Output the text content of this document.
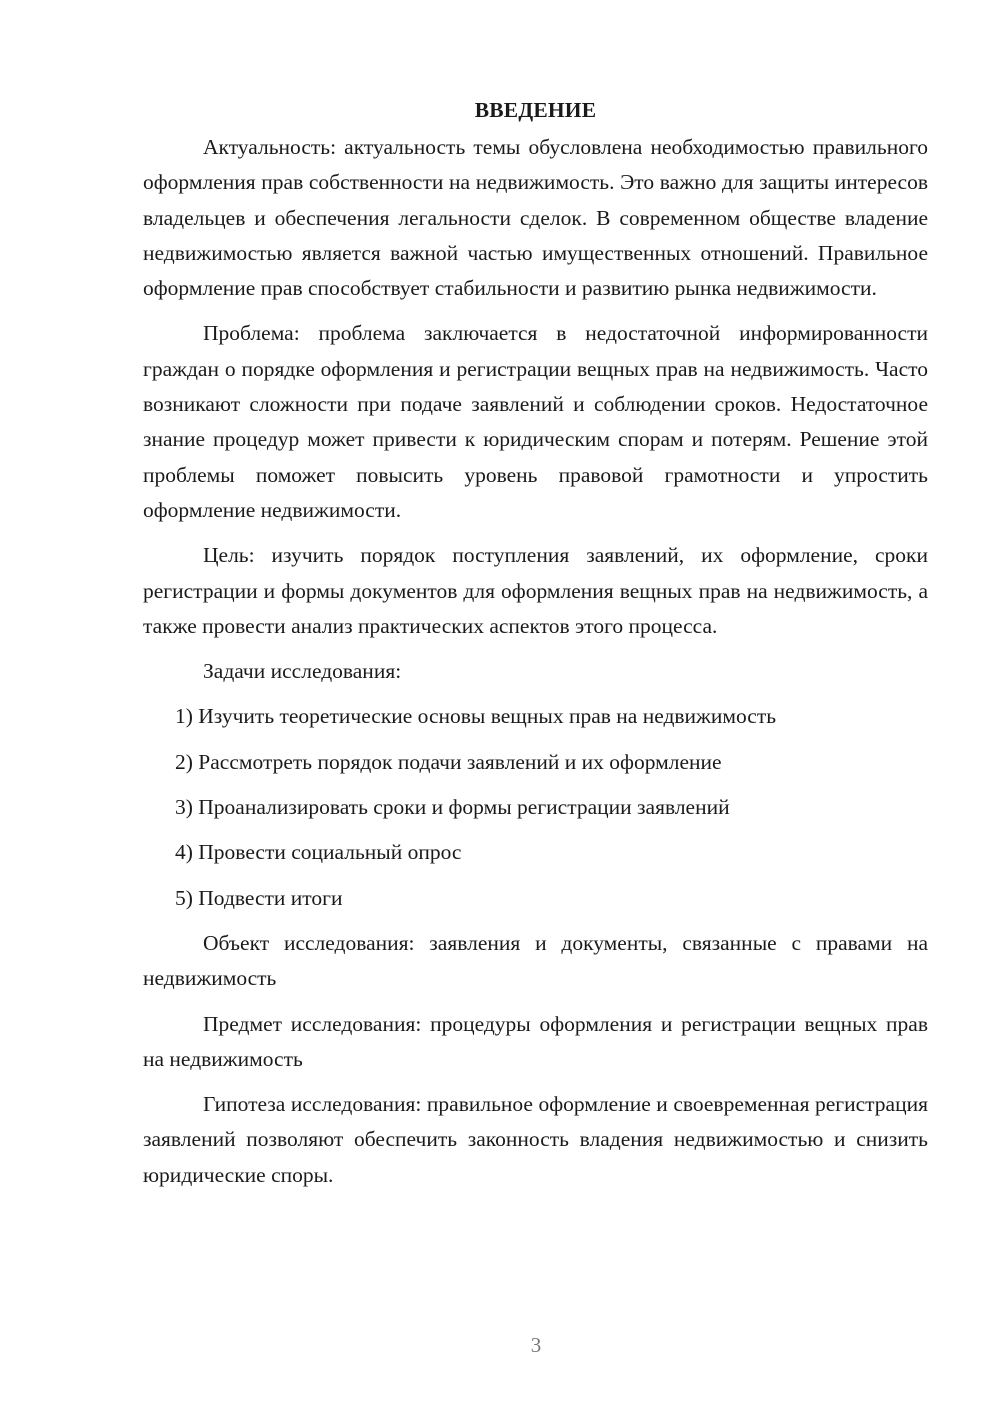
ВВЕДЕНИЕ

Актуальность: актуальность темы обусловлена необходимостью правильного оформления прав собственности на недвижимость. Это важно для защиты интересов владельцев и обеспечения легальности сделок. В современном обществе владение недвижимостью является важной частью имущественных отношений. Правильное оформление прав способствует стабильности и развитию рынка недвижимости.

Проблема: проблема заключается в недостаточной информированности граждан о порядке оформления и регистрации вещных прав на недвижимость. Часто возникают сложности при подаче заявлений и соблюдении сроков. Недостаточное знание процедур может привести к юридическим спорам и потерям. Решение этой проблемы поможет повысить уровень правовой грамотности и упростить оформление недвижимости.

Цель: изучить порядок поступления заявлений, их оформление, сроки регистрации и формы документов для оформления вещных прав на недвижимость, а также провести анализ практических аспектов этого процесса.

Задачи исследования:

1) Изучить теоретические основы вещных прав на недвижимость
2) Рассмотреть порядок подачи заявлений и их оформление
3) Проанализировать сроки и формы регистрации заявлений
4) Провести социальный опрос
5) Подвести итоги

Объект исследования: заявления и документы, связанные с правами на недвижимость

Предмет исследования: процедуры оформления и регистрации вещных прав на недвижимость

Гипотеза исследования: правильное оформление и своевременная регистрация заявлений позволяют обеспечить законность владения недвижимостью и снизить юридические споры.

3
